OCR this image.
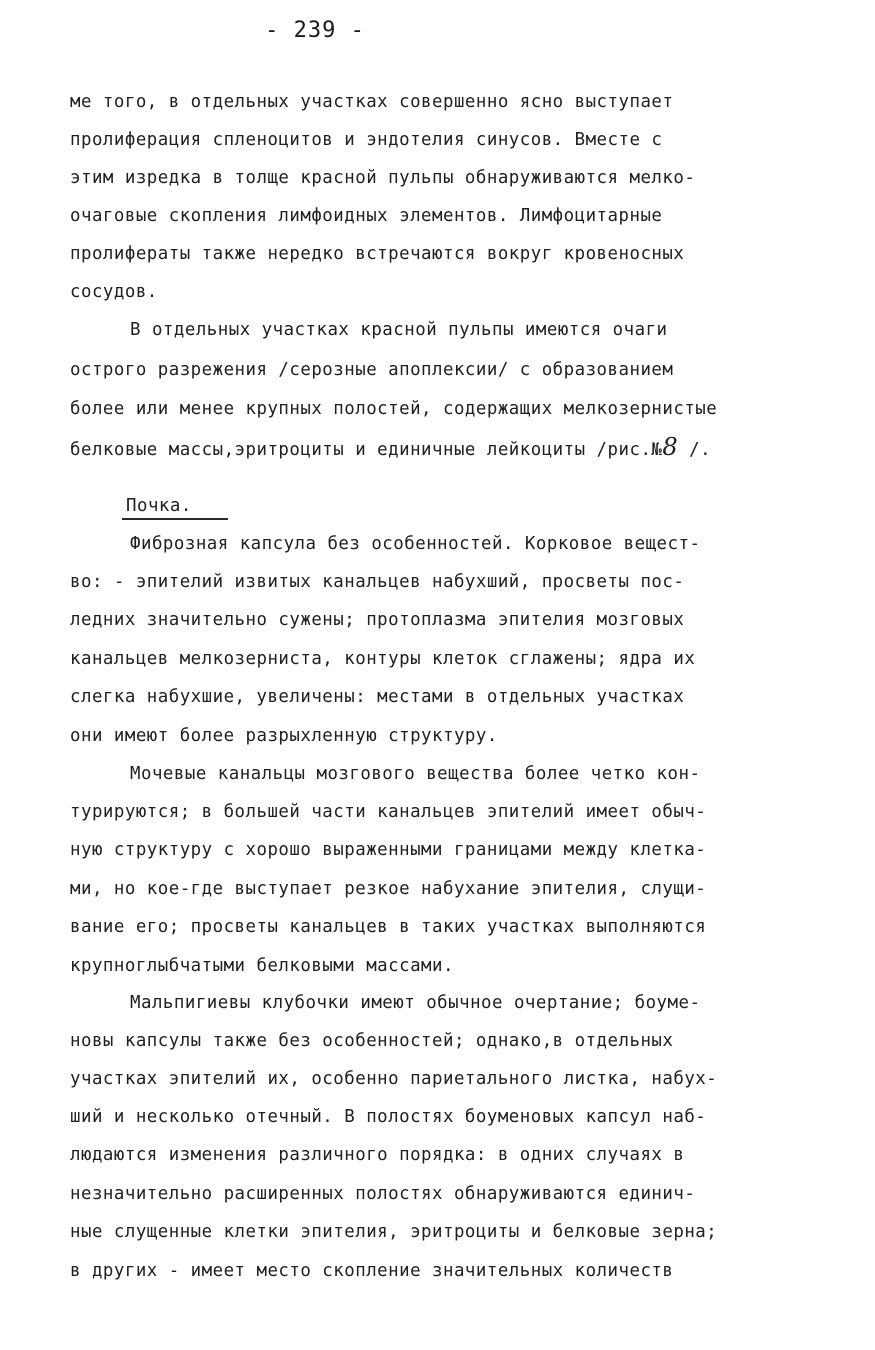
- 239 -
ме того, в отдельных участках совершенно ясно выступает
пролиферация спленоцитов и эндотелия синусов. Вместе с
этим изредка в толще красной пульпы обнаруживаются мелко-
очаговые скопления лимфоидных элементов. Лимфоцитарные
пролифераты также нередко встречаются вокруг кровеносных
сосудов.
В отдельных участках красной пульпы имеются очаги
острого разрежения /серозные апоплексии/ с образованием
более или менее крупных полостей, содержащих мелкозернистые
белковые массы,эритроциты и единичные лейкоциты /рис.№8 /.
Почка.
Фиброзная капсула без особенностей. Корковое вещест-
во: - эпителий извитых канальцев набухший, просветы пос-
ледних значительно сужены; протоплазма эпителия мозговых
канальцев мелкозерниста, контуры клеток сглажены; ядра их
слегка набухшие, увеличены: местами в отдельных участках
они имеют более разрыхленную структуру.
Мочевые канальцы мозгового вещества более четко кон-
турируются; в большей части канальцев эпителий имеет обыч-
ную структуру с хорошо выраженными границами между клетка-
ми, но кое-где выступает резкое набухание эпителия, слущи-
вание его; просветы канальцев в таких участках выполняются
крупноглыбчатыми белковыми массами.
Мальпигиевы клубочки имеют обычное очертание; боуме-
новы капсулы также без особенностей; однако,в отдельных
участках эпителий их, особенно париетального листка, набух-
ший и несколько отечный. В полостях боуменовых капсул наб-
людаются изменения различного порядка: в одних случаях в
незначительно расширенных полостях обнаруживаются единич-
ные слущенные клетки эпителия, эритроциты и белковые зерна;
в других - имеет место скопление значительных количеств
